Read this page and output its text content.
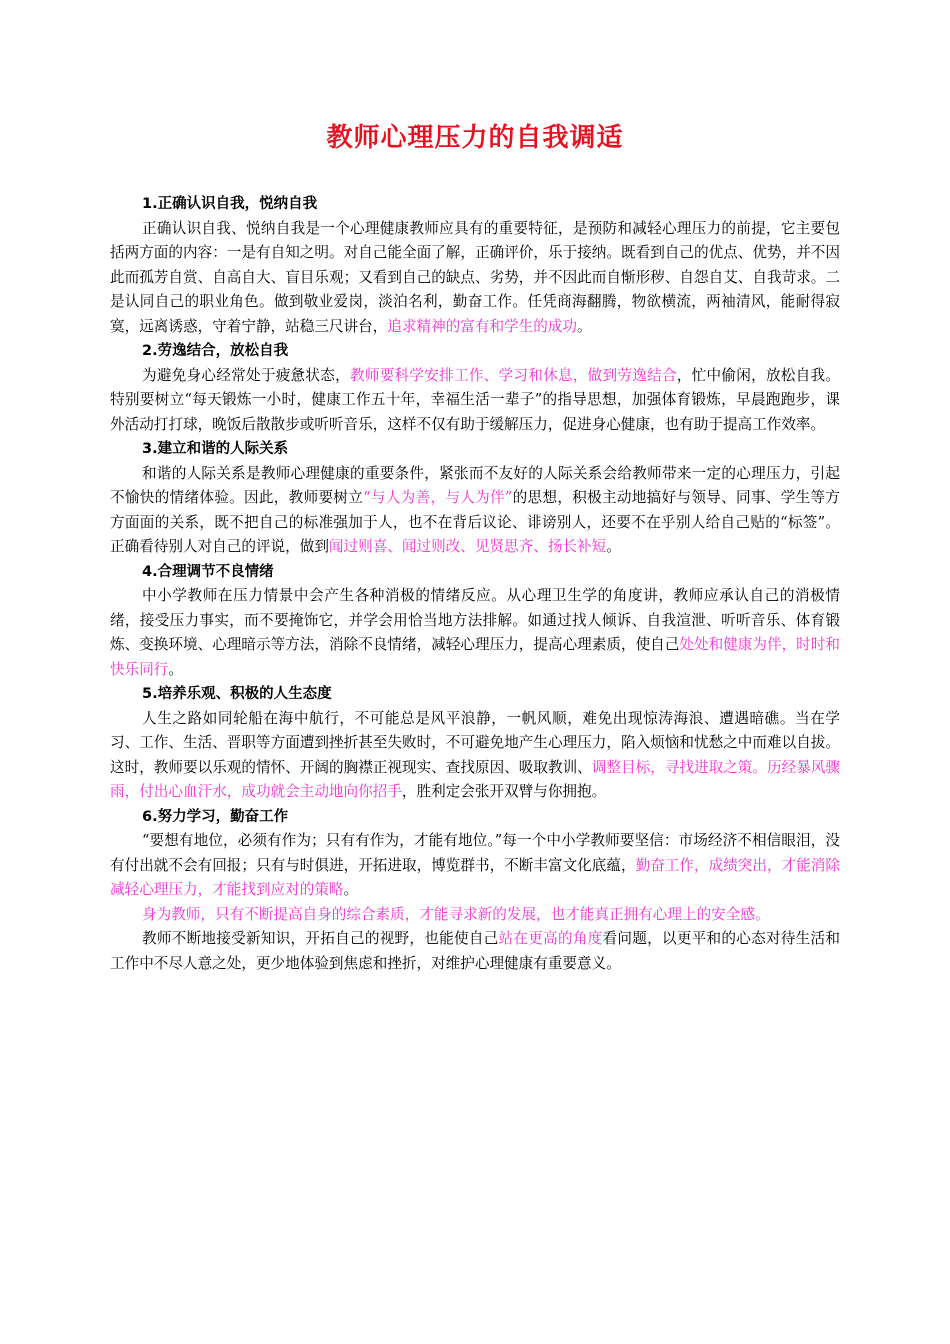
教师心理压力的自我调适

1.正确认识自我，悦纳自我

正确认识自我、悦纳自我是一个心理健康教师应具有的重要特征，是预防和减轻心理压力的前提，它主要包括两方面的内容：一是有自知之明。对自己能全面了解，正确评价，乐于接纳。既看到自己的优点、优势，并不因此而孤芳自赏、自高自大、盲目乐观；又看到自己的缺点、劣势，并不因此而自惭形秽、自怨自艾、自我苛求。二是认同自己的职业角色。做到敬业爱岗，淡泊名利，勤奋工作。任凭商海翻腾，物欲横流，两袖清风，能耐得寂寞，远离诱惑，守着宁静，站稳三尺讲台，追求精神的富有和学生的成功。

2.劳逸结合，放松自我

为避免身心经常处于疲惫状态，教师要科学安排工作、学习和休息，做到劳逸结合，忙中偷闲，放松自我。特别要树立“每天锻炼一小时，健康工作五十年，幸福生活一辈子”的指导思想，加强体育锻炼，早晨跑跑步，课外活动打打球，晚饭后散散步或听听音乐，这样不仅有助于缓解压力，促进身心健康，也有助于提高工作效率。

3.建立和谐的人际关系

和谐的人际关系是教师心理健康的重要条件，紧张而不友好的人际关系会给教师带来一定的心理压力，引起不愉快的情绪体验。因此，教师要树立“与人为善，与人为伴”的思想，积极主动地搞好与领导、同事、学生等方方面面的关系，既不把自己的标准强加于人，也不在背后议论、诽谤别人，还要不在乎别人给自己贴的“标签”。正确看待别人对自己的评说，做到闻过则喜、闻过则改、见贤思齐、扬长补短。

4.合理调节不良情绪

中小学教师在压力情景中会产生各种消极的情绪反应。从心理卫生学的角度讲，教师应承认自己的消极情绪，接受压力事实，而不要掩饰它，并学会用恰当地方法排解。如通过找人倾诉、自我渲泄、听听音乐、体育锻炼、变换环境、心理暗示等方法，消除不良情绪，减轻心理压力，提高心理素质，使自己处处和健康为伴，时时和快乐同行。

5.培养乐观、积极的人生态度

人生之路如同轮船在海中航行，不可能总是风平浪静，一帆风顺，难免出现惊涛海浪、遭遇暗礁。当在学习、工作、生活、晋职等方面遭到挫折甚至失败时，不可避免地产生心理压力，陷入烦恼和忧愁之中而难以自拔。这时，教师要以乐观的情怀、开阔的胸襟正视现实、查找原因、吸取教训、调整目标，寻找进取之策。历经暴风骤雨，付出心血汗水，成功就会主动地向你招手，胜利定会张开双臂与你拥抱。

6.努力学习，勤奋工作

“要想有地位，必须有作为；只有有作为，才能有地位。”每一个中小学教师要坚信：市场经济不相信眼泪，没有付出就不会有回报；只有与时俱进，开拓进取，博览群书，不断丰富文化底蕴，勤奋工作，成绩突出，才能消除减轻心理压力，才能找到应对的策略。

身为教师，只有不断提高自身的综合素质，才能寻求新的发展，也才能真正拥有心理上的安全感。

教师不断地接受新知识，开拓自己的视野，也能使自己站在更高的角度看问题，以更平和的心态对待生活和工作中不尽人意之处，更少地体验到焦虑和挫折，对维护心理健康有重要意义。
